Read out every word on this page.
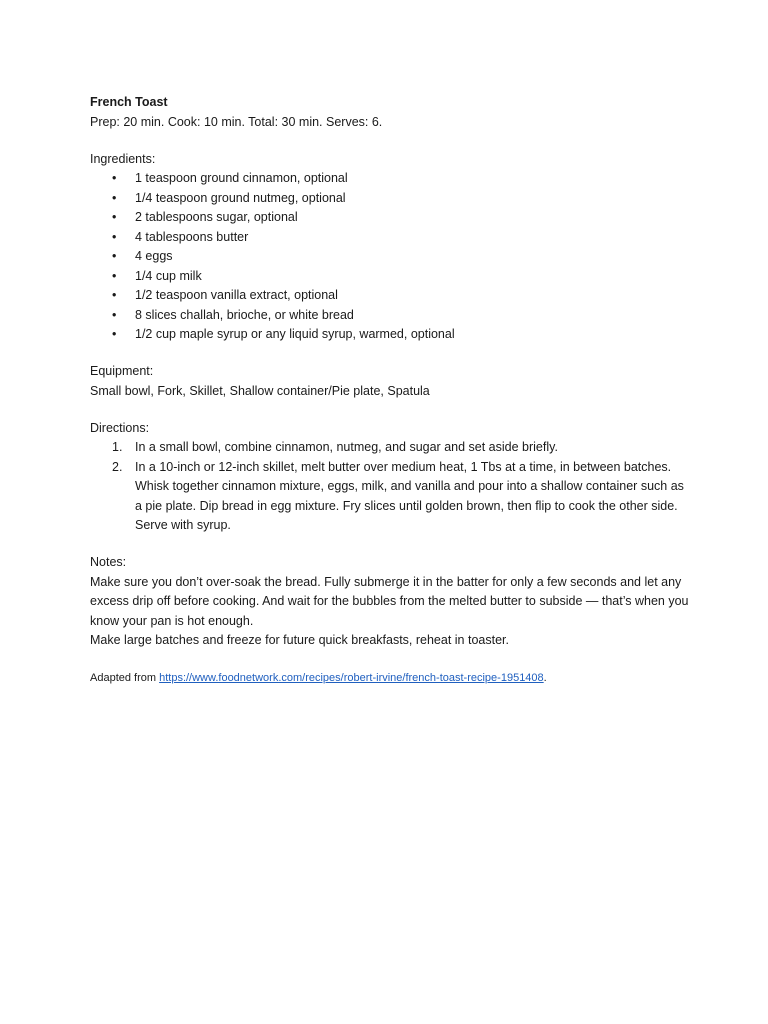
French Toast

Prep: 20 min. Cook: 10 min. Total: 30 min. Serves: 6.

Ingredients:

• 1 teaspoon ground cinnamon, optional
• 1/4 teaspoon ground nutmeg, optional
• 2 tablespoons sugar, optional
• 4 tablespoons butter
• 4 eggs
• 1/4 cup milk
• 1/2 teaspoon vanilla extract, optional
• 8 slices challah, brioche, or white bread
• 1/2 cup maple syrup or any liquid syrup, warmed, optional

Equipment:

Small bowl, Fork, Skillet, Shallow container/Pie plate, Spatula

Directions:

1. In a small bowl, combine cinnamon, nutmeg, and sugar and set aside briefly.
2. In a 10-inch or 12-inch skillet, melt butter over medium heat, 1 Tbs at a time, in between batches. Whisk together cinnamon mixture, eggs, milk, and vanilla and pour into a shallow container such as a pie plate. Dip bread in egg mixture. Fry slices until golden brown, then flip to cook the other side. Serve with syrup.

Notes:

Make sure you don’t over-soak the bread. Fully submerge it in the batter for only a few seconds and let any excess drip off before cooking. And wait for the bubbles from the melted butter to subside — that’s when you know your pan is hot enough.

Make large batches and freeze for future quick breakfasts, reheat in toaster.

Adapted from https://www.foodnetwork.com/recipes/robert-irvine/french-toast-recipe-1951408.
